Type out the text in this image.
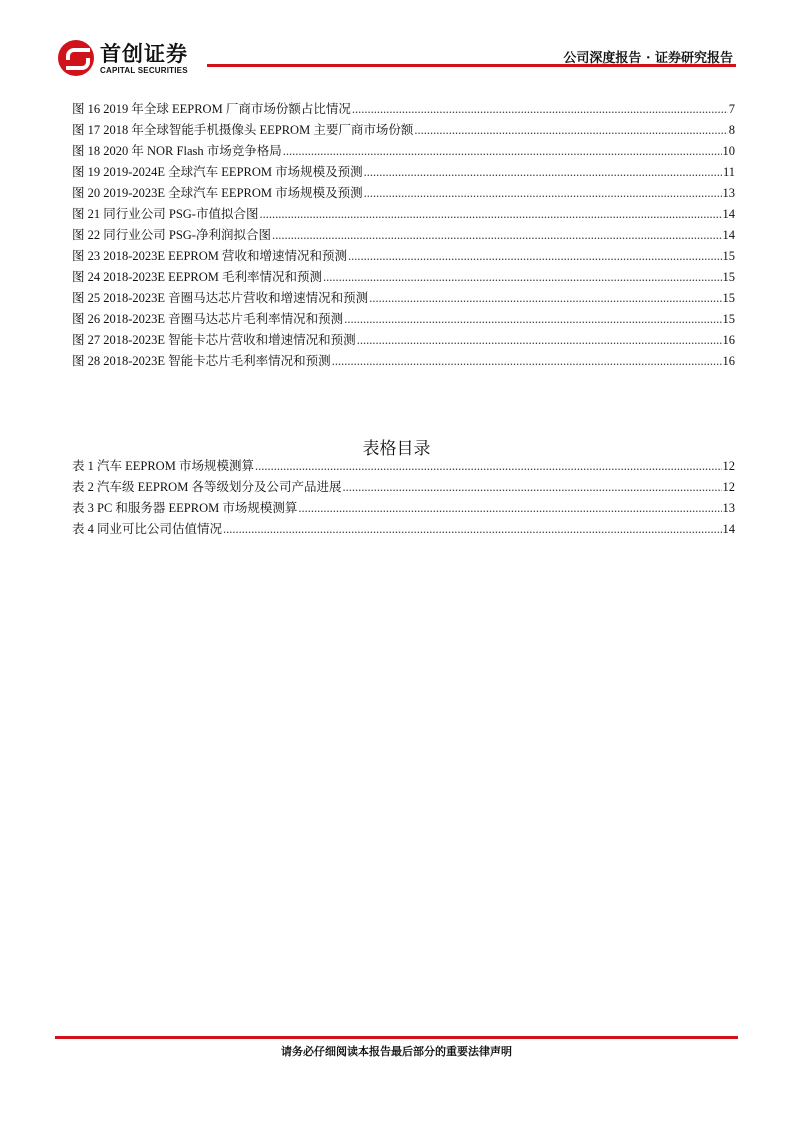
首创证券
CAPITAL SECURITIES
公司深度报告 · 证券研究报告
图 16 2019 年全球 EEPROM 厂商市场份额占比情况 .....	7
图 17 2018 年全球智能手机摄像头 EEPROM 主要厂商市场份额 .....	8
图 18 2020 年 NOR Flash 市场竞争格局 .....	10
图 19 2019-2024E 全球汽车 EEPROM 市场规模及预测 .....	11
图 20 2019-2023E 全球汽车 EEPROM 市场规模及预测 .....	13
图 21 同行业公司 PSG-市值拟合图 .....	14
图 22 同行业公司 PSG-净利润拟合图 .....	14
图 23 2018-2023E EEPROM 营收和增速情况和预测 .....	15
图 24 2018-2023E EEPROM 毛利率情况和预测 .....	15
图 25 2018-2023E 音圈马达芯片营收和增速情况和预测 .....	15
图 26 2018-2023E 音圈马达芯片毛利率情况和预测 .....	15
图 27 2018-2023E 智能卡芯片营收和增速情况和预测 .....	16
图 28 2018-2023E 智能卡芯片毛利率情况和预测 .....	16
表格目录
表 1 汽车 EEPROM 市场规模测算 .....	12
表 2 汽车级 EEPROM 各等级划分及公司产品进展 .....	12
表 3 PC 和服务器 EEPROM 市场规模测算 .....	13
表 4 同业可比公司估值情况 .....	14
请务必仔细阅读本报告最后部分的重要法律声明
